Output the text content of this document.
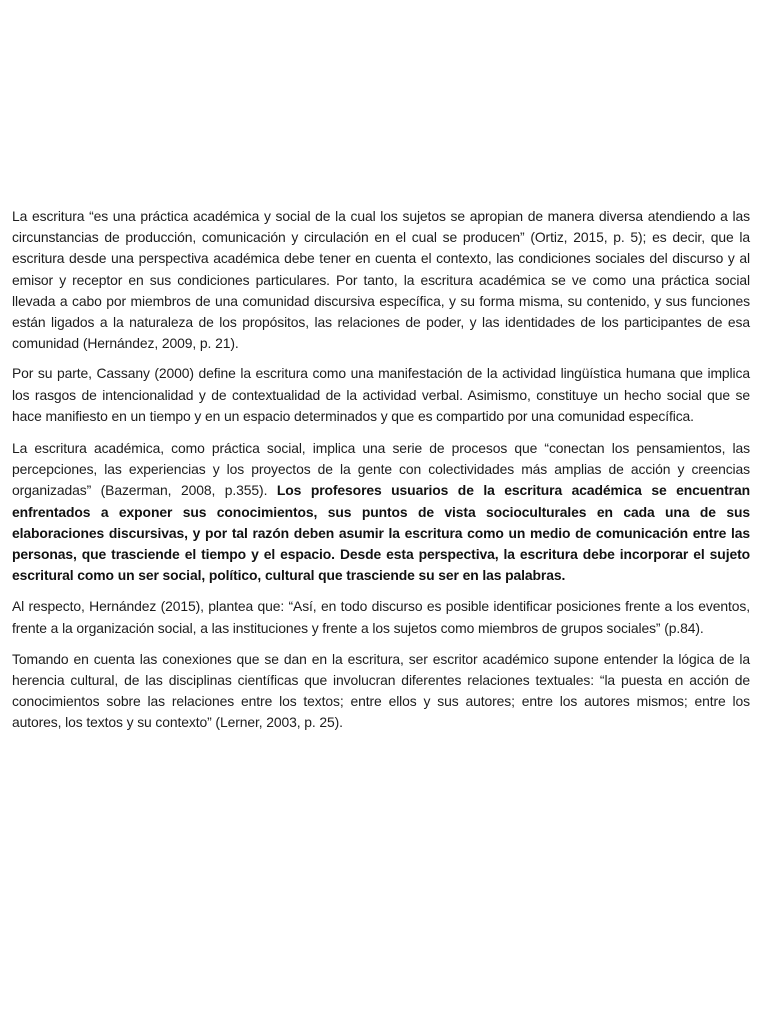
La escritura “es una práctica académica y social de la cual los sujetos se apropian de manera diversa atendiendo a las circunstancias de producción, comunicación y circulación en el cual se producen” (Ortiz, 2015, p. 5); es decir, que la escritura desde una perspectiva académica debe tener en cuenta el contexto, las condiciones sociales del discurso y al emisor y receptor en sus condiciones particulares. Por tanto, la escritura académica se ve como una práctica social llevada a cabo por miembros de una comunidad discursiva específica, y su forma misma, su contenido, y sus funciones están ligados a la naturaleza de los propósitos, las relaciones de poder, y las identidades de los participantes de esa comunidad (Hernández, 2009, p. 21).

Por su parte, Cassany (2000) define la escritura como una manifestación de la actividad lingüística humana que implica los rasgos de intencionalidad y de contextualidad de la actividad verbal. Asimismo, constituye un hecho social que se hace manifiesto en un tiempo y en un espacio determinados y que es compartido por una comunidad específica.

La escritura académica, como práctica social, implica una serie de procesos que “conectan los pensamientos, las percepciones, las experiencias y los proyectos de la gente con colectividades más amplias de acción y creencias organizadas” (Bazerman, 2008, p.355). Los profesores usuarios de la escritura académica se encuentran enfrentados a exponer sus conocimientos, sus puntos de vista socioculturales en cada una de sus elaboraciones discursivas, y por tal razón deben asumir la escritura como un medio de comunicación entre las personas, que trasciende el tiempo y el espacio. Desde esta perspectiva, la escritura debe incorporar el sujeto escritural como un ser social, político, cultural que trasciende su ser en las palabras.

Al respecto, Hernández (2015), plantea que: “Así, en todo discurso es posible identificar posiciones frente a los eventos, frente a la organización social, a las instituciones y frente a los sujetos como miembros de grupos sociales” (p.84).

Tomando en cuenta las conexiones que se dan en la escritura, ser escritor académico supone entender la lógica de la herencia cultural, de las disciplinas científicas que involucran diferentes relaciones textuales: “la puesta en acción de conocimientos sobre las relaciones entre los textos; entre ellos y sus autores; entre los autores mismos; entre los autores, los textos y su contexto” (Lerner, 2003, p. 25).
